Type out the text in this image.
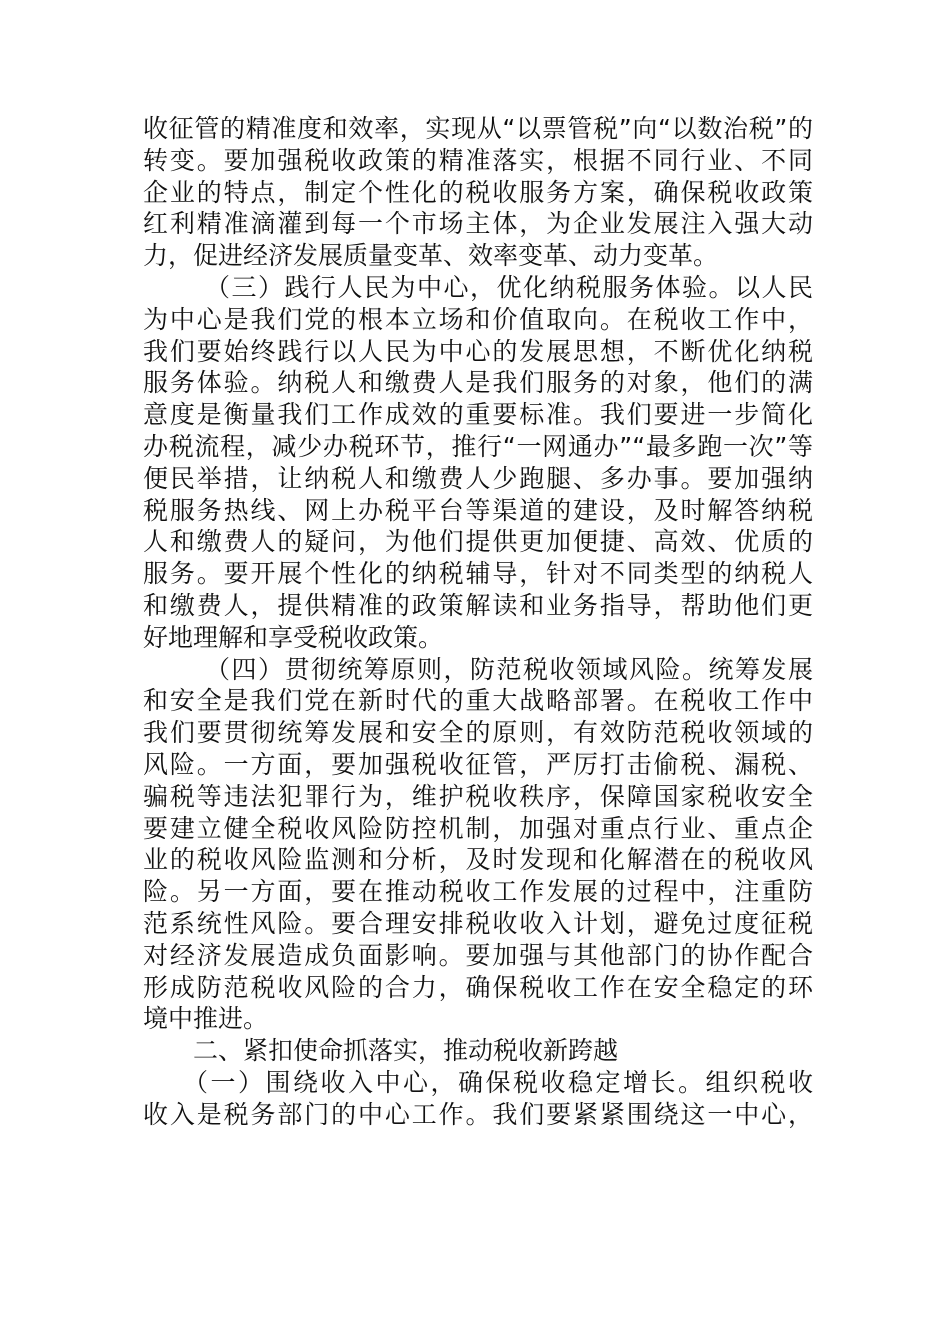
收征管的精准度和效率，实现从“以票管税”向“以数治税”的
转变。要加强税收政策的精准落实，根据不同行业、不同
企业的特点，制定个性化的税收服务方案，确保税收政策
红利精准滴灌到每一个市场主体，为企业发展注入强大动
力，促进经济发展质量变革、效率变革、动力变革。
（三）践行人民为中心，优化纳税服务体验。以人民
为中心是我们党的根本立场和价值取向。在税收工作中，
我们要始终践行以人民为中心的发展思想，不断优化纳税
服务体验。纳税人和缴费人是我们服务的对象，他们的满
意度是衡量我们工作成效的重要标准。我们要进一步简化
办税流程，减少办税环节，推行“一网通办”“最多跑一次”等
便民举措，让纳税人和缴费人少跑腿、多办事。要加强纳
税服务热线、网上办税平台等渠道的建设，及时解答纳税
人和缴费人的疑问，为他们提供更加便捷、高效、优质的
服务。要开展个性化的纳税辅导，针对不同类型的纳税人
和缴费人，提供精准的政策解读和业务指导，帮助他们更
好地理解和享受税收政策。
（四）贯彻统筹原则，防范税收领域风险。统筹发展
和安全是我们党在新时代的重大战略部署。在税收工作中
我们要贯彻统筹发展和安全的原则，有效防范税收领域的
风险。一方面，要加强税收征管，严厉打击偷税、漏税、
骗税等违法犯罪行为，维护税收秩序，保障国家税收安全
要建立健全税收风险防控机制，加强对重点行业、重点企
业的税收风险监测和分析，及时发现和化解潜在的税收风
险。另一方面，要在推动税收工作发展的过程中，注重防
范系统性风险。要合理安排税收收入计划，避免过度征税
对经济发展造成负面影响。要加强与其他部门的协作配合
形成防范税收风险的合力，确保税收工作在安全稳定的环
境中推进。
二、紧扣使命抓落实，推动税收新跨越
（一）围绕收入中心，确保税收稳定增长。组织税收
收入是税务部门的中心工作。我们要紧紧围绕这一中心，
